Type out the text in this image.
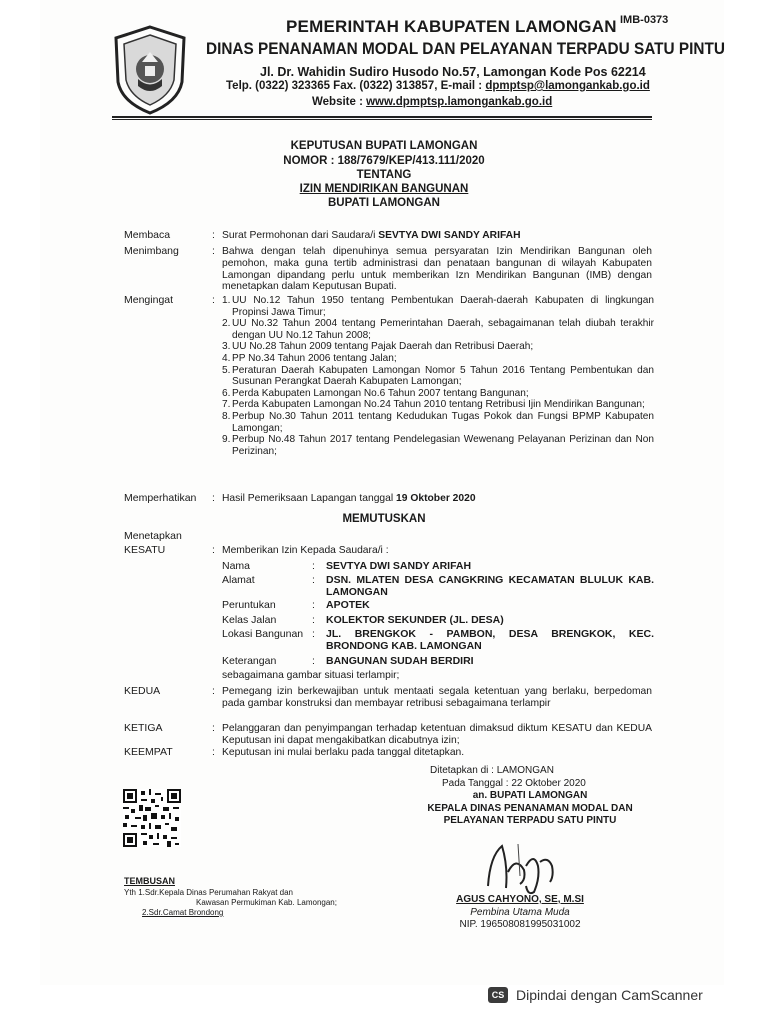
PEMERINTAH KABUPATEN LAMONGAN
DINAS PENANAMAN MODAL DAN PELAYANAN TERPADU SATU PINTU
Jl. Dr. Wahidin Sudiro Husodo No.57, Lamongan Kode Pos 62214
Telp. (0322) 323365 Fax. (0322) 313857, E-mail : dpmptsp@lamongankab.go.id
Website : www.dpmptsp.lamongankab.go.id
IMB-0373
KEPUTUSAN BUPATI LAMONGAN
NOMOR : 188/7679/KEP/413.111/2020
TENTANG
IZIN MENDIRIKAN BANGUNAN
BUPATI LAMONGAN
Membaca	: Surat Permohonan dari Saudara/i SEVTYA DWI SANDY ARIFAH
Menimbang	: Bahwa dengan telah dipenuhinya semua persyaratan Izin Mendirikan Bangunan oleh pemohon, maka guna tertib administrasi dan penataan bangunan di wilayah Kabupaten Lamongan dipandang perlu untuk memberikan Izn Mendirikan Bangunan (IMB) dengan menetapkan dalam Keputusan Bupati.
Mengingat	: 1. UU No.12 Tahun 1950 tentang Pembentukan Daerah-daerah Kabupaten di lingkungan Propinsi Jawa Timur;
2. UU No.32 Tahun 2004 tentang Pemerintahan Daerah, sebagaimanan telah diubah terakhir dengan UU No.12 Tahun 2008;
3. UU No.28 Tahun 2009 tentang Pajak Daerah dan Retribusi Daerah;
4. PP No.34 Tahun 2006 tentang Jalan;
5. Peraturan Daerah Kabupaten Lamongan Nomor 5 Tahun 2016 Tentang Pembentukan dan Susunan Perangkat Daerah Kabupaten Lamongan;
6. Perda Kabupaten Lamongan No.6 Tahun 2007 tentang Bangunan;
7. Perda Kabupaten Lamongan No.24 Tahun 2010 tentang Retribusi Ijin Mendirikan Bangunan;
8. Perbup No.30 Tahun 2011 tentang Kedudukan Tugas Pokok dan Fungsi BPMP Kabupaten Lamongan;
9. Perbup No.48 Tahun 2017 tentang Pendelegasian Wewenang Pelayanan Perizinan dan Non Perizinan;
Memperhatikan : Hasil Pemeriksaan Lapangan tanggal 19 Oktober 2020
MEMUTUSKAN
Menetapkan
KESATU	: Memberikan Izin Kepada Saudara/i :
Nama	: SEVTYA DWI SANDY ARIFAH
Alamat	: DSN. MLATEN DESA CANGKRING KECAMATAN BLULUK KAB. LAMONGAN
Peruntukan	: APOTEK
Kelas Jalan	: KOLEKTOR SEKUNDER (JL. DESA)
Lokasi Bangunan : JL. BRENGKOK - PAMBON, DESA BRENGKOK, KEC. BRONDONG KAB. LAMONGAN
Keterangan	: BANGUNAN SUDAH BERDIRI
sebagaimana gambar situasi terlampir;
KEDUA	: Pemegang izin berkewajiban untuk mentaati segala ketentuan yang berlaku, berpedoman pada gambar konstruksi dan membayar retribusi sebagaimana terlampir
KETIGA	: Pelanggaran dan penyimpangan terhadap ketentuan dimaksud diktum KESATU dan KEDUA Keputusan ini dapat mengakibatkan dicabutnya izin;
KEEMPAT	: Keputusan ini mulai berlaku pada tanggal ditetapkan.
Ditetapkan di : LAMONGAN
Pada Tanggal : 22 Oktober 2020
an. BUPATI LAMONGAN
KEPALA DINAS PENANAMAN MODAL DAN
PELAYANAN TERPADU SATU PINTU
AGUS CAHYONO, SE, M.SI
Pembina Utama Muda
NIP. 196508081995031002
TEMBUSAN
Yth 1.Sdr.Kepala Dinas Perumahan Rakyat dan
Kawasan Permukiman Kab. Lamongan;
2.Sdr.Camat Brondong
CS Dipindai dengan CamScanner
